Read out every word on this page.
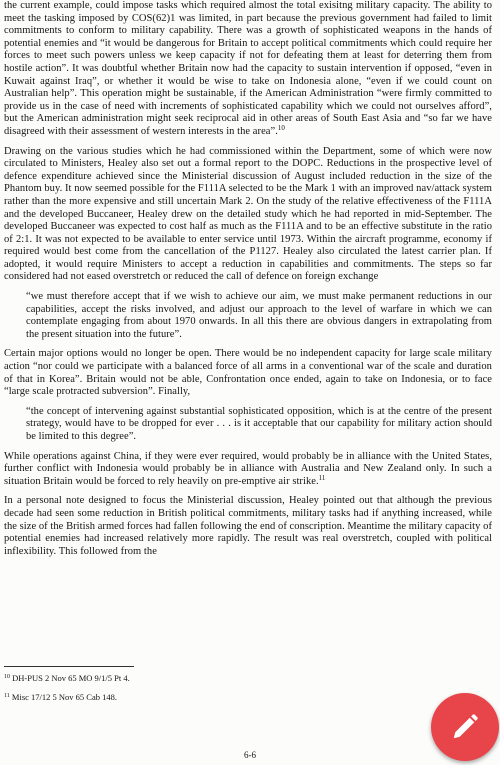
the current example, could impose tasks which required almost the total exisitng military capacity. The ability to meet the tasking imposed by COS(62)1 was limited, in part because the previous government had failed to limit commitments to conform to military capability. There was a growth of sophisticated weapons in the hands of potential enemies and “it would be dangerous for Britain to accept political commitments which could require her forces to meet such powers unless we keep capacity if not for defeating them at least for deterring them from hostile action”. It was doubtful whether Britain now had the capacity to sustain intervention if opposed, “even in Kuwait against Iraq”, or whether it would be wise to take on Indonesia alone, “even if we could count on Australian help”. This operation might be sustainable, if the American Administration “were firmly committed to provide us in the case of need with increments of sophisticated capability which we could not ourselves afford”, but the American administration might seek reciprocal aid in other areas of South East Asia and “so far we have disagreed with their assessment of western interests in the area”.$^{10}$

Drawing on the various studies which he had commissioned within the Department, some of which were now circulated to Ministers, Healey also set out a formal report to the DOPC. Reductions in the prospective level of defence expenditure achieved since the Ministerial discussion of August included reduction in the size of the Phantom buy. It now seemed possible for the F111A selected to be the Mark 1 with an improved nav/attack system rather than the more expensive and still uncertain Mark 2. On the study of the relative effectiveness of the F111A and the developed Buccaneer, Healey drew on the detailed study which he had reported in mid-September. The developed Buccaneer was expected to cost half as much as the F111A and to be an effective substitute in the ratio of 2:1. It was not expected to be available to enter service until 1973. Within the aircraft programme, economy if required would best come from the cancellation of the P1127. Healey also circulated the latest carrier plan. If adopted, it would require Ministers to accept a reduction in capabilities and commitments. The steps so far considered had not eased overstretch or reduced the call of defence on foreign exchange

“we must therefore accept that if we wish to achieve our aim, we must make permanent reductions in our capabilities, accept the risks involved, and adjust our approach to the level of warfare in which we can contemplate engaging from about 1970 onwards. In all this there are obvious dangers in extrapolating from the present situation into the future”.

Certain major options would no longer be open. There would be no independent capacity for large scale military action “nor could we participate with a balanced force of all arms in a conventional war of the scale and duration of that in Korea”. Britain would not be able, Confrontation once ended, again to take on Indonesia, or to face “large scale protracted subversion”. Finally,

“the concept of intervening against substantial sophisticated opposition, which is at the centre of the present strategy, would have to be dropped for ever . . . is it acceptable that our capability for military action should be limited to this degree”.

While operations against China, if they were ever required, would probably be in alliance with the United States, further conflict with Indonesia would probably be in alliance with Australia and New Zealand only. In such a situation Britain would be forced to rely heavily on pre-emptive air strike.$^{11}$

In a personal note designed to focus the Ministerial discussion, Healey pointed out that although the previous decade had seen some reduction in British political commitments, military tasks had if anything increased, while the size of the British armed forces had fallen following the end of conscription. Meantime the military capacity of potential enemies had increased relatively more rapidly. The result was real overstretch, coupled with political inflexibility. This followed from the

$^{10}$ DH-PUS 2 Nov 65 MO 9/1/5 Pt 4.
$^{11}$ Misc 17/12 5 Nov 65 Cab 148.
6-6
